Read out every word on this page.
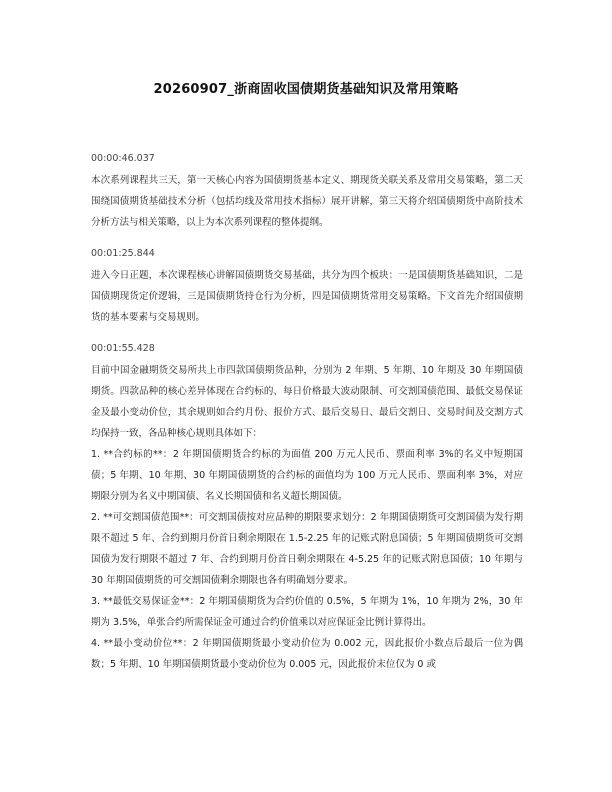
20260907_浙商固收国债期货基础知识及常用策略
00:00:46.037

本次系列课程共三天，第一天核心内容为国债期货基本定义、期现货关联关系及常用交易策略，第二天围绕国债期货基础技术分析（包括均线及常用技术指标）展开讲解，第三天将介绍国债期货中高阶技术分析方法与相关策略，以上为本次系列课程的整体提纲。

00:01:25.844

进入今日正题，本次课程核心讲解国债期货交易基础，共分为四个板块：一是国债期货基础知识，二是国债期现货定价逻辑，三是国债期货持仓行为分析，四是国债期货常用交易策略。下文首先介绍国债期货的基本要素与交易规则。

00:01:55.428

目前中国金融期货交易所共上市四款国债期货品种，分别为 2 年期、5 年期、10 年期及 30 年期国债期货。四款品种的核心差异体现在合约标的、每日价格最大波动限制、可交割国债范围、最低交易保证金及最小变动价位，其余规则如合约月份、报价方式、最后交易日、最后交割日、交易时间及交割方式均保持一致，各品种核心规则具体如下：

1. **合约标的**：2 年期国债期货合约标的为面值 200 万元人民币、票面利率 3%的名义中短期国债；5 年期、10 年期、30 年期国债期货的合约标的面值均为 100 万元人民币、票面利率 3%，对应期限分别为名义中期国债、名义长期国债和名义超长期国债。

2. **可交割国债范围**：可交割国债按对应品种的期限要求划分：2 年期国债期货可交割国债为发行期限不超过 5 年、合约到期月份首日剩余期限在 1.5-2.25 年的记账式附息国债；5 年期国债期货可交割国债为发行期限不超过 7 年、合约到期月份首日剩余期限在 4-5.25 年的记账式附息国债；10 年期与 30 年期国债期货的可交割国债剩余期限也各有明确划分要求。

3. **最低交易保证金**：2 年期国债期货为合约价值的 0.5%，5 年期为 1%，10 年期为 2%，30 年期为 3.5%，单张合约所需保证金可通过合约价值乘以对应保证金比例计算得出。

4. **最小变动价位**：2 年期国债期货最小变动价位为 0.002 元，因此报价小数点后最后一位为偶数；5 年期、10 年期国债期货最小变动价位为 0.005 元，因此报价末位仅为 0 或
